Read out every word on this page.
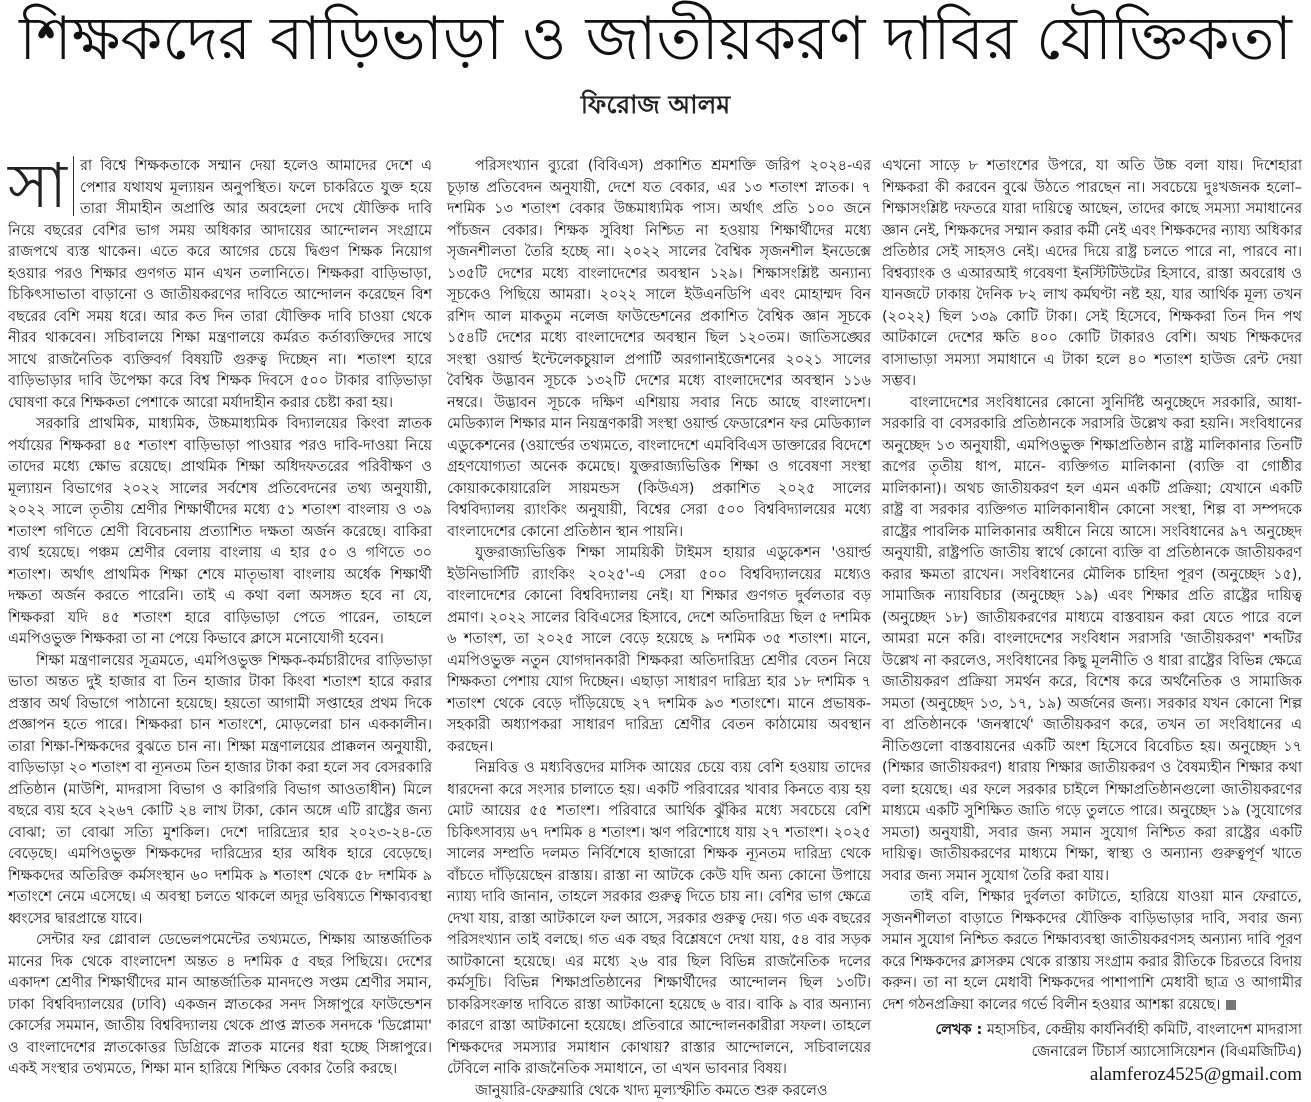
শিক্ষকদের বাড়িভাড়া ও জাতীয়করণ দাবির যৌক্তিকতা
ফিরোজ আলম

সা রা বিশ্বে শিক্ষকতাকে সম্মান দেয়া হলেও আমাদের দেশে এ পেশার যথাযথ মূল্যায়ন অনুপস্থিত। ফলে চাকরিতে যুক্ত হয়ে তারা সীমাহীন অপ্রাপ্তি আর অবহেলা দেখে যৌক্তিক দাবি নিয়ে বছরের বেশির ভাগ সময় অধিকার আদায়ের আন্দোলন সংগ্রামে রাজপথে ব্যস্ত থাকেন। এতে করে আগের চেয়ে দ্বিগুণ শিক্ষক নিয়োগ হওয়ার পরও শিক্ষার গুণগত মান এখন তলানিতে। শিক্ষকরা বাড়িভাড়া, চিকিৎসাভাতা বাড়ানো ও জাতীয়করণের দাবিতে আন্দোলন করেছেন বিশ বছরের বেশি সময় ধরে। আর কত দিন তারা যৌক্তিক দাবি চাওয়া থেকে নীরব থাকবেন। সচিবালয়ে শিক্ষা মন্ত্রণালয়ে কর্মরত কর্তাব্যক্তিদের সাথে সাথে রাজনৈতিক ব্যক্তিবর্গ বিষয়টি গুরুত্ব দিচ্ছেন না। শতাংশ হারে বাড়িভাড়ার দাবি উপেক্ষা করে বিশ্ব শিক্ষক দিবসে ৫০০ টাকার বাড়িভাড়া ঘোষণা করে শিক্ষকতা পেশাকে আরো মর্যাদাহীন করার চেষ্টা করা হয়।

সরকারি প্রাথমিক, মাধ্যমিক, উচ্চমাধ্যমিক বিদ্যালয়ের কিংবা স্নাতক পর্যায়ের শিক্ষকরা ৪৫ শতাংশ বাড়িভাড়া পাওয়ার পরও দাবি-দাওয়া নিয়ে তাদের মধ্যে ক্ষোভ রয়েছে। প্রাথমিক শিক্ষা অধিদফতরের পরিবীক্ষণ ও মূল্যায়ন বিভাগের ২০২২ সালের সর্বশেষ প্রতিবেদনের তথ্য অনুযায়ী, ২০২২ সালে তৃতীয় শ্রেণীর শিক্ষার্থীদের মধ্যে ৫১ শতাংশ বাংলায় ও ৩৯ শতাংশ গণিতে শ্রেণী বিবেচনায় প্রত্যাশিত দক্ষতা অর্জন করেছে। বাকিরা ব্যর্থ হয়েছে। পঞ্চম শ্রেণীর বেলায় বাংলায় এ হার ৫০ ও গণিতে ৩০ শতাংশ। অর্থাৎ প্রাথমিক শিক্ষা শেষে মাতৃভাষা বাংলায় অর্ধেক শিক্ষার্থী দক্ষতা অর্জন করতে পারেনি। তাই এ কথা বলা অসঙ্গত হবে না যে, শিক্ষকরা যদি ৪৫ শতাংশ হারে বাড়িভাড়া পেতে পারেন, তাহলে এমপিওভুক্ত শিক্ষকরা তা না পেয়ে কিভাবে ক্লাসে মনোযোগী হবেন।

শিক্ষা মন্ত্রণালয়ের সূত্রমতে, এমপিওভুক্ত শিক্ষক-কর্মচারীদের বাড়িভাড়া ভাতা অন্তত দুই হাজার বা তিন হাজার টাকা কিংবা শতাংশ হারে করার প্রস্তাব অর্থ বিভাগে পাঠানো হয়েছে। হয়তো আগামী সপ্তাহের প্রথম দিকে প্রজ্ঞাপন হতে পারে। শিক্ষকরা চান শতাংশে, মোড়লেরা চান এককালীন। তারা শিক্ষা-শিক্ষকদের বুঝতে চান না। শিক্ষা মন্ত্রণালয়ের প্রাক্কলন অনুযায়ী, বাড়িভাড়া ২০ শতাংশ বা ন্যূনতম তিন হাজার টাকা করা হলে সব বেসরকারি প্রতিষ্ঠান (মাউশি, মাদরাসা বিভাগ ও কারিগরি বিভাগ আওতাধীন) মিলে বছরে ব্যয় হবে ২২৬৭ কোটি ২৪ লাখ টাকা, কোন অঙ্গে এটি রাষ্ট্রের জন্য বোঝা; তা বোঝা সত্যি মুশকিল। দেশে দারিদ্র্যের হার ২০২৩-২৪-তে বেড়েছে। এমপিওভুক্ত শিক্ষকদের দারিদ্র্যের হার অধিক হারে বেড়েছে। শিক্ষকদের অতিরিক্ত কর্মসংস্থান ৬০ দশমিক ৯ শতাংশ থেকে ৫৮ দশমিক ৯ শতাংশে নেমে এসেছে। এ অবস্থা চলতে থাকলে অদূর ভবিষ্যতে শিক্ষাব্যবস্থা ধ্বংসের দ্বারপ্রান্তে যাবে।

সেন্টার ফর গ্লোবাল ডেভেলপমেন্টের তথ্যমতে, শিক্ষায় আন্তর্জাতিক মানের দিক থেকে বাংলাদেশ অন্তত ৪ দশমিক ৫ বছর পিছিয়ে। দেশের একাদশ শ্রেণীর শিক্ষার্থীদের মান আন্তর্জাতিক মানদণ্ডে সপ্তম শ্রেণীর সমান, ঢাকা বিশ্ববিদ্যালয়ের (ঢাবি) একজন স্নাতকের সনদ সিঙ্গাপুরে ফাউন্ডেশন কোর্সের সমমান, জাতীয় বিশ্ববিদ্যালয় থেকে প্রাপ্ত স্নাতক সনদকে 'ডিপ্লোমা' ও বাংলাদেশের স্নাতকোত্তর ডিগ্রিকে স্নাতক মানের ধরা হচ্ছে সিঙ্গাপুরে। একই সংস্থার তথ্যমতে, শিক্ষা মান হারিয়ে শিক্ষিত বেকার তৈরি করছে।

পরিসংখ্যান ব্যুরো (বিবিএস) প্রকাশিত শ্রমশক্তি জরিপ ২০২৪-এর চূড়ান্ত প্রতিবেদন অনুযায়ী, দেশে যত বেকার, এর ১৩ শতাংশ স্নাতক। ৭ দশমিক ১৩ শতাংশ বেকার উচ্চমাধ্যমিক পাস। অর্থাৎ প্রতি ১০০ জনে পাঁচজন বেকার। শিক্ষক সুবিধা নিশ্চিত না হওয়ায় শিক্ষার্থীদের মধ্যে সৃজনশীলতা তৈরি হচ্ছে না। ২০২২ সালের বৈশ্বিক সৃজনশীল ইনডেক্সে ১৩৫টি দেশের মধ্যে বাংলাদেশের অবস্থান ১২৯। শিক্ষাসংশ্লিষ্ট অন্যান্য সূচকেও পিছিয়ে আমরা। ২০২২ সালে ইউএনডিপি এবং মোহাম্মদ বিন রশিদ আল মাকতুম নলেজ ফাউন্ডেশনের প্রকাশিত বৈশ্বিক জ্ঞান সূচকে ১৫৪টি দেশের মধ্যে বাংলাদেশের অবস্থান ছিল ১২০তম। জাতিসঙ্ঘের সংস্থা ওয়ার্ল্ড ইন্টেলেকচুয়াল প্রপার্টি অরগানাইজেশনের ২০২১ সালের বৈশ্বিক উদ্ভাবন সূচকে ১৩২টি দেশের মধ্যে বাংলাদেশের অবস্থান ১১৬ নম্বরে। উদ্ভাবন সূচকে দক্ষিণ এশিয়ায় সবার নিচে আছে বাংলাদেশ। মেডিক্যাল শিক্ষার মান নিয়ন্ত্রণকারী সংস্থা ওয়ার্ল্ড ফেডারেশন ফর মেডিক্যাল এডুকেশনের (ওয়ার্ল্ডের তথ্যমতে, বাংলাদেশে এমবিবিএস ডাক্তারের বিদেশে গ্রহণযোগ্যতা অনেক কমেছে। যুক্তরাজ্যভিত্তিক শিক্ষা ও গবেষণা সংস্থা কোয়াককোয়ারেলি সায়মন্ডস (কিউএস) প্রকাশিত ২০২৫ সালের বিশ্ববিদ্যালয় র‍্যাংকিং অনুযায়ী, বিশ্বের সেরা ৫০০ বিশ্ববিদ্যালয়ের মধ্যে বাংলাদেশের কোনো প্রতিষ্ঠান স্থান পায়নি।

যুক্তরাজ্যভিত্তিক শিক্ষা সাময়িকী টাইমস হায়ার এডুকেশন 'ওয়ার্ল্ড ইউনিভার্সিটি র‍্যাংকিং ২০২৫'-এ সেরা ৫০০ বিশ্ববিদ্যালয়ের মধ্যেও বাংলাদেশের কোনো বিশ্ববিদ্যালয় নেই। যা শিক্ষার গুণগত দুর্বলতার বড় প্রমাণ। ২০২২ সালের বিবিএসের হিসাবে, দেশে অতিদারিদ্র্য ছিল ৫ দশমিক ৬ শতাংশ, তা ২০২৫ সালে বেড়ে হয়েছে ৯ দশমিক ৩৫ শতাংশ। মানে, এমপিওভুক্ত নতুন যোগদানকারী শিক্ষকরা অতিদারিদ্র্য শ্রেণীর বেতন নিয়ে শিক্ষকতা পেশায় যোগ দিচ্ছেন। এছাড়া সাধারণ দারিদ্র্য হার ১৮ দশমিক ৭ শতাংশ থেকে বেড়ে দাঁড়িয়েছে ২৭ দশমিক ৯৩ শতাংশে। মানে প্রভাষক- সহকারী অধ্যাপকরা সাধারণ দারিদ্র্য শ্রেণীর বেতন কাঠামোয় অবস্থান করছেন।

নিম্নবিত্ত ও মধ্যবিত্তদের মাসিক আয়ের চেয়ে ব্যয় বেশি হওয়ায় তাদের ধারদেনা করে সংসার চালাতে হয়। একটি পরিবারের খাবার কিনতে ব্যয় হয় মোট আয়ের ৫৫ শতাংশ। পরিবারে আর্থিক ঝুঁকির মধ্যে সবচেয়ে বেশি চিকিৎসাব্যয় ৬৭ দশমিক ৪ শতাংশ। ঋণ পরিশোধে যায় ২৭ শতাংশ। ২০২৫ সালের সম্প্রতি দলমত নির্বিশেষে হাজারো শিক্ষক ন্যূনতম দারিদ্র্য থেকে বাঁচতে দাঁড়িয়েছেন রাস্তায়। রাস্তা না আটকে কেউ যদি অন্য কোনো উপায়ে ন্যায্য দাবি জানান, তাহলে সরকার গুরুত্ব দিতে চায় না। বেশির ভাগ ক্ষেত্রে দেখা যায়, রাস্তা আটকালে ফল আসে, সরকার গুরুত্ব দেয়। গত এক বছরের পরিসংখ্যান তাই বলছে। গত এক বছর বিশ্লেষণে দেখা যায়, ৫৪ বার সড়ক আটকানো হয়েছে। এর মধ্যে ২৬ বার ছিল বিভিন্ন রাজনৈতিক দলের কর্মসূচি। বিভিন্ন শিক্ষাপ্রতিষ্ঠানের শিক্ষার্থীদের আন্দোলন ছিল ১৩টি। চাকরিসংক্রান্ত দাবিতে রাস্তা আটকানো হয়েছে ৬ বার। বাকি ৯ বার অন্যান্য কারণে রাস্তা আটকানো হয়েছে। প্রতিবারে আন্দোলনকারীরা সফল। তাহলে শিক্ষকদের সমস্যার সমাধান কোথায়? রাস্তার আন্দোলনে, সচিবালয়ের টেবিলে নাকি রাজনৈতিক সমাধানে, তা এখন ভাবনার বিষয়।

জানুয়ারি-ফেব্রুয়ারি থেকে খাদ্য মূল্যস্ফীতি কমতে শুরু করলেও

এখনো সাড়ে ৮ শতাংশের উপরে, যা অতি উচ্চ বলা যায়। দিশেহারা শিক্ষকরা কী করবেন বুঝে উঠতে পারছেন না। সবচেয়ে দুঃখজনক হলো– শিক্ষাসংশ্লিষ্ট দফতরে যারা দায়িত্বে আছেন, তাদের কাছে সমস্যা সমাধানের জ্ঞান নেই, শিক্ষকদের সম্মান করার কর্মী নেই এবং শিক্ষকদের ন্যায্য অধিকার প্রতিষ্ঠার সেই সাহসও নেই। এদের দিয়ে রাষ্ট্র চলতে পারে না, পারবে না। বিশ্বব্যাংক ও এআরআই গবেষণা ইনস্টিটিউটের হিসাবে, রাস্তা অবরোধ ও যানজটে ঢাকায় দৈনিক ৮২ লাখ কর্মঘণ্টা নষ্ট হয়, যার আর্থিক মূল্য তখন (২০২২) ছিল ১৩৯ কোটি টাকা। সেই হিসেবে, শিক্ষকরা তিন দিন পথ আটকালে দেশের ক্ষতি ৪০০ কোটি টাকারও বেশি। অথচ শিক্ষকদের বাসাভাড়া সমস্যা সমাধানে এ টাকা হলে ৪০ শতাংশ হাউজ রেন্ট দেয়া সম্ভব।

বাংলাদেশের সংবিধানের কোনো সুনির্দিষ্ট অনুচ্ছেদে সরকারি, আধা-সরকারি বা বেসরকারি প্রতিষ্ঠানকে সরাসরি উল্লেখ করা হয়নি। সংবিধানের অনুচ্ছেদ ১৩ অনুযায়ী, এমপিওভুক্ত শিক্ষাপ্রতিষ্ঠান রাষ্ট্র মালিকানার তিনটি রূপের তৃতীয় ধাপ, মানে- ব্যক্তিগত মালিকানা (ব্যক্তি বা গোষ্ঠীর মালিকানা)। অথচ জাতীয়করণ হল এমন একটি প্রক্রিয়া; যেখানে একটি রাষ্ট্র বা সরকার ব্যক্তিগত মালিকানাধীন কোনো সংস্থা, শিল্প বা সম্পদকে রাষ্ট্রের পাবলিক মালিকানার অধীনে নিয়ে আসে। সংবিধানের ৯৭ অনুচ্ছেদ অনুযায়ী, রাষ্ট্রপতি জাতীয় স্বার্থে কোনো ব্যক্তি বা প্রতিষ্ঠানকে জাতীয়করণ করার ক্ষমতা রাখেন। সংবিধানের মৌলিক চাহিদা পূরণ (অনুচ্ছেদ ১৫), সামাজিক ন্যায়বিচার (অনুচ্ছেদ ১৯) এবং শিক্ষার প্রতি রাষ্ট্রের দায়িত্ব (অনুচ্ছেদ ১৮) জাতীয়করণের মাধ্যমে বাস্তবায়ন করা যেতে পারে বলে আমরা মনে করি। বাংলাদেশের সংবিধান সরাসরি 'জাতীয়করণ' শব্দটির উল্লেখ না করলেও, সংবিধানের কিছু মূলনীতি ও ধারা রাষ্ট্রের বিভিন্ন ক্ষেত্রে জাতীয়করণ প্রক্রিয়া সমর্থন করে, বিশেষ করে অর্থনৈতিক ও সামাজিক সমতা (অনুচ্ছেদ ১৩, ১৭, ১৯) অর্জনের জন্য। সরকার যখন কোনো শিল্প বা প্রতিষ্ঠানকে 'জনস্বার্থে' জাতীয়করণ করে, তখন তা সংবিধানের এ নীতিগুলো বাস্তবায়নের একটি অংশ হিসেবে বিবেচিত হয়। অনুচ্ছেদ ১৭ (শিক্ষার জাতীয়করণ) ধারায় শিক্ষার জাতীয়করণ ও বৈষম্যহীন শিক্ষার কথা বলা হয়েছে। এর ফলে সরকার চাইলে শিক্ষাপ্রতিষ্ঠানগুলো জাতীয়করণের মাধ্যমে একটি সুশিক্ষিত জাতি গড়ে তুলতে পারে। অনুচ্ছেদ ১৯ (সুযোগের সমতা) অনুযায়ী, সবার জন্য সমান সুযোগ নিশ্চিত করা রাষ্ট্রের একটি দায়িত্ব। জাতীয়করণের মাধ্যমে শিক্ষা, স্বাস্থ্য ও অন্যান্য গুরুত্বপূর্ণ খাতে সবার জন্য সমান সুযোগ তৈরি করা যায়।

তাই বলি, শিক্ষার দুর্বলতা কাটাতে, হারিয়ে যাওয়া মান ফেরাতে, সৃজনশীলতা বাড়াতে শিক্ষকদের যৌক্তিক বাড়িভাড়ার দাবি, সবার জন্য সমান সুযোগ নিশ্চিত করতে শিক্ষাব্যবস্থা জাতীয়করণসহ অন্যান্য দাবি পূরণ করে শিক্ষকদের ক্লাসরুম থেকে রাস্তায় সংগ্রাম করার রীতিকে চিরতরে বিদায় করুন। তা না হলে মেধাবী শিক্ষকদের পাশাপাশি মেধাবী ছাত্র ও আগামীর দেশ গঠনপ্রক্রিয়া কালের গর্ভে বিলীন হওয়ার আশঙ্কা রয়েছে।

লেখক : মহাসচিব, কেন্দ্রীয় কার্যনির্বাহী কমিটি, বাংলাদেশ মাদরাসা জেনারেল টিচার্স অ্যাসোসিয়েশন (বিএমজিটিএ)

alamferoz4525@gmail.com
